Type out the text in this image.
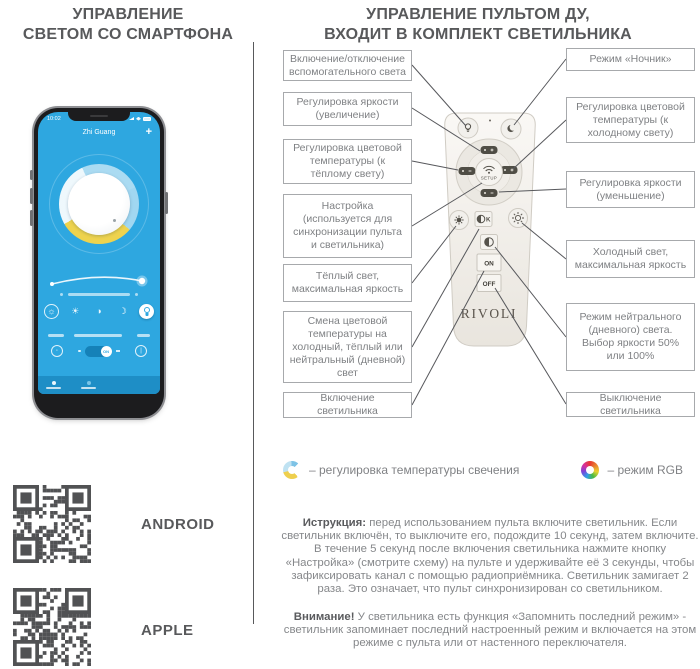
УПРАВЛЕНИЕ
СВЕТОМ СО СМАРТФОНА
УПРАВЛЕНИЕ ПУЛЬТОМ ДУ,
ВХОДИТ В КОМПЛЕКТ СВЕТИЛЬНИКА
10:02
Zhi Guang	+
☼	☀	◑	☽
◦	ON	|
ANDROID
APPLE
SETUP
K
ON
OFF
RIVOLI
Включение/отключение вспомогательного света
Регулировка яркости (увеличение)
Регулировка цветовой температуры (к тёплому свету)
Настройка (используется для синхронизации пульта и светильника)
Тёплый свет, максимальная яркость
Смена цветовой температуры на холодный, тёплый или нейтральный (дневной) свет
Включение светильника
Режим «Ночник»
Регулировка цветовой температуры (к холодному свету)
Регулировка яркости (уменьшение)
Холодный свет, максимальная яркость
Режим нейтрального (дневного) света. Выбор яркости 50% или 100%
Выключение светильника
– регулировка температуры свечения	– режим RGB
Иструкция: перед использованием пульта включите светильник. Если светильник включён, то выключите его, подождите 10 секунд, затем включите. В течение 5 секунд после включения светильника нажмите кнопку «Настройка» (смотрите схему) на пульте и удерживайте её 3 секунды, чтобы зафиксировать канал с помощью радиоприёмника. Светильник замигает 2 раза. Это означает, что пульт синхронизирован со светильником.
Внимание! У светильника есть функция «Запомнить последний режим» - светильник запоминает последний настроенный режим и включается на этом режиме с пульта или от настенного переключателя.
